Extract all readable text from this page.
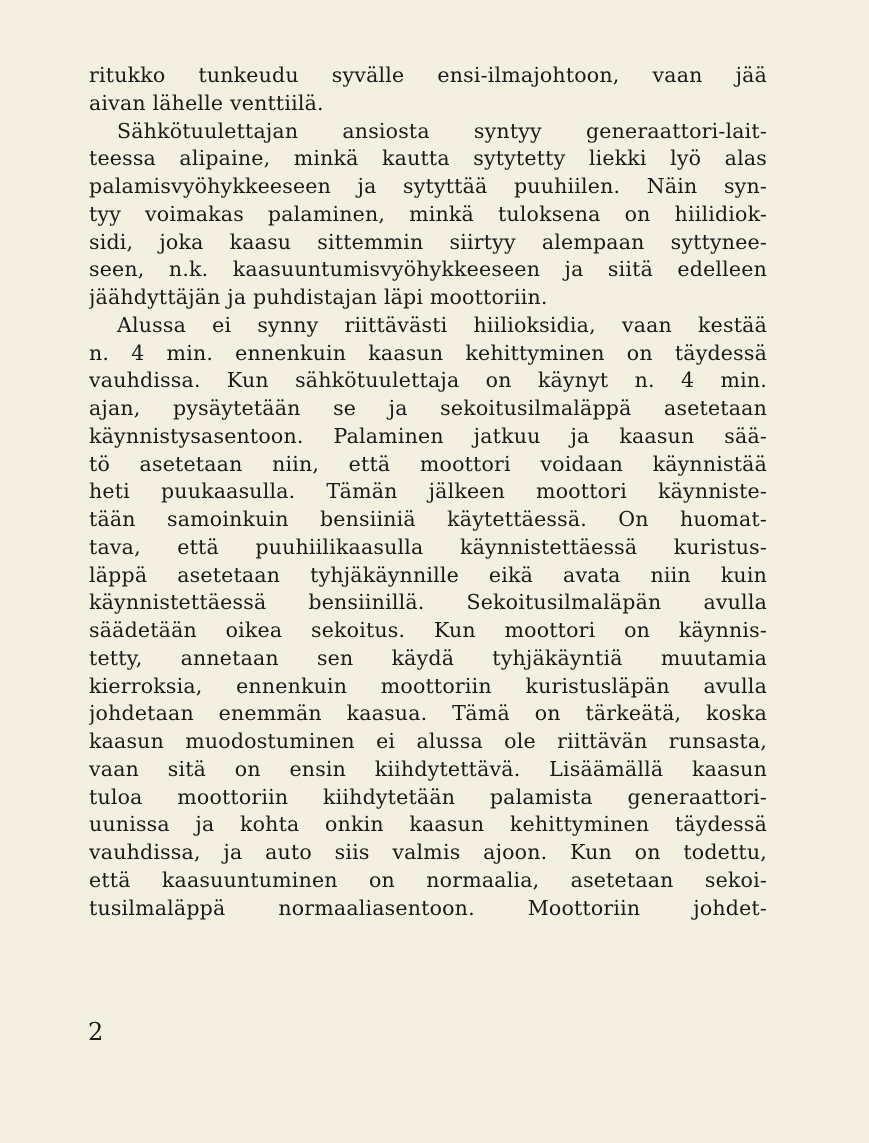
ritukko tunkeudu syvälle ensi-ilmajohtoon, vaan jää
aivan lähelle venttiilä.
Sähkötuulettajan ansiosta syntyy generaattori-lait-
teessa alipaine, minkä kautta sytytetty liekki lyö alas
palamisvyöhykkeeseen ja sytyttää puuhiilen. Näin syn-
tyy voimakas palaminen, minkä tuloksena on hiilidiok-
sidi, joka kaasu sittemmin siirtyy alempaan syttynee-
seen, n.k. kaasuuntumisvyöhykkeeseen ja siitä edelleen
jäähdyttäjän ja puhdistajan läpi moottoriin.
Alussa ei synny riittävästi hiilioksidia, vaan kestää
n. 4 min. ennenkuin kaasun kehittyminen on täydessä
vauhdissa. Kun sähkötuulettaja on käynyt n. 4 min.
ajan, pysäytetään se ja sekoitusilmaläppä asetetaan
käynnistysasentoon. Palaminen jatkuu ja kaasun sää-
tö asetetaan niin, että moottori voidaan käynnistää
heti puukaasulla. Tämän jälkeen moottori käynniste-
tään samoinkuin bensiiniä käytettäessä. On huomat-
tava, että puuhiilikaasulla käynnistettäessä kuristus-
läppä asetetaan tyhjäkäynnille eikä avata niin kuin
käynnistettäessä bensiinillä. Sekoitusilmaläpän avulla
säädetään oikea sekoitus. Kun moottori on käynnis-
tetty, annetaan sen käydä tyhjäkäyntiä muutamia
kierroksia, ennenkuin moottoriin kuristusläpän avulla
johdetaan enemmän kaasua. Tämä on tärkeätä, koska
kaasun muodostuminen ei alussa ole riittävän runsasta,
vaan sitä on ensin kiihdytettävä. Lisäämällä kaasun
tuloa moottoriin kiihdytetään palamista generaattori-
uunissa ja kohta onkin kaasun kehittyminen täydessä
vauhdissa, ja auto siis valmis ajoon. Kun on todettu,
että kaasuuntuminen on normaalia, asetetaan sekoi-
tusilmaläppä normaaliasentoon. Moottoriin johdet-
2
